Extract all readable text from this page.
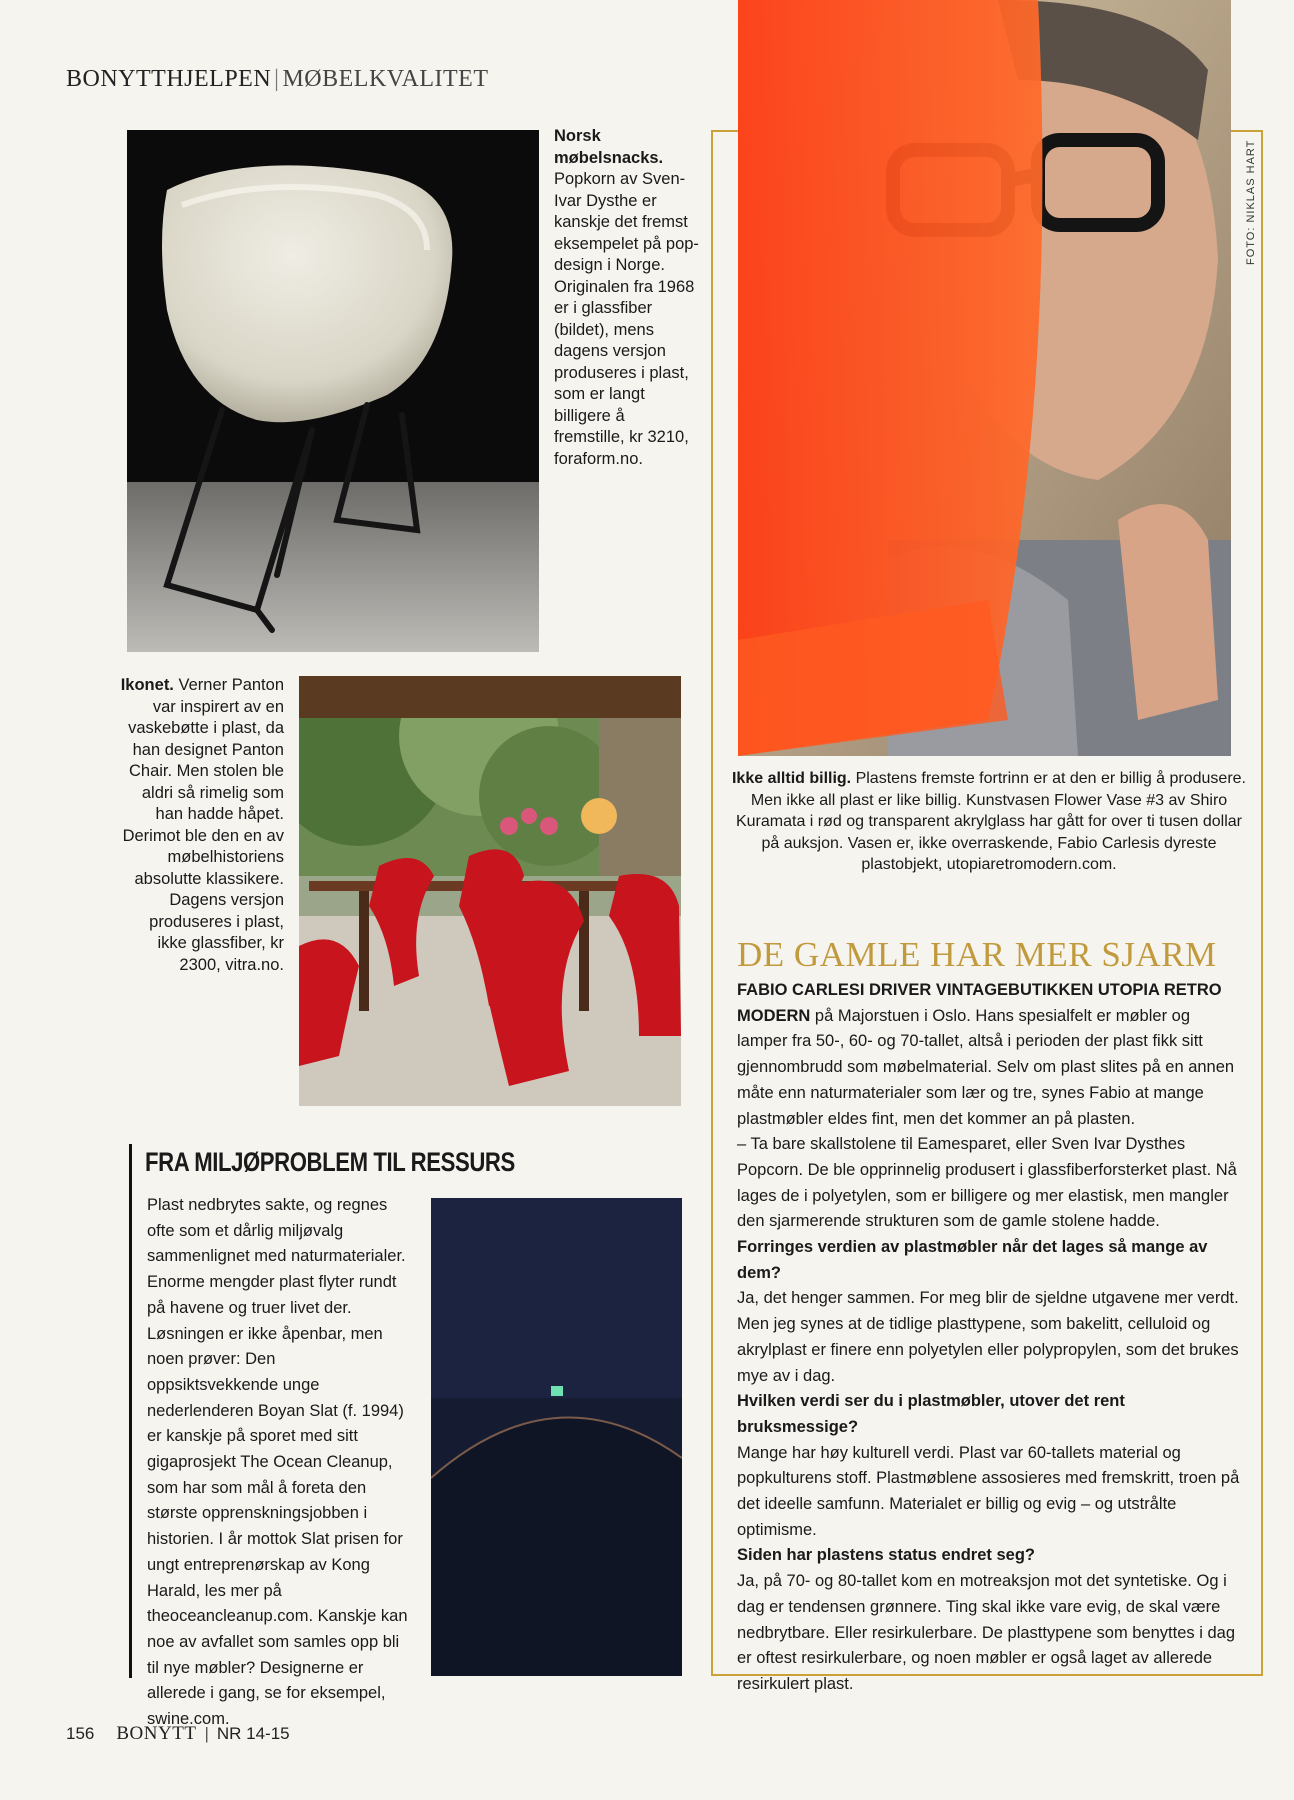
BONYTTHJELPEN | MØBELKVALITET
Norsk møbelsnacks. Popkorn av Sven-Ivar Dysthe er kanskje det fremst eksempelet på pop-design i Norge. Originalen fra 1968 er i glassfiber (bildet), mens dagens versjon produseres i plast, som er langt billigere å fremstille, kr 3210, foraform.no.
Ikonet. Verner Panton var inspirert av en vaskebøtte i plast, da han designet Panton Chair. Men stolen ble aldri så rimelig som han hadde håpet. Derimot ble den en av møbelhistoriens absolutte klassikere. Dagens versjon produseres i plast, ikke glassfiber, kr 2300, vitra.no.
FOTO: NIKLAS HART
Ikke alltid billig. Plastens fremste fortrinn er at den er billig å produsere. Men ikke all plast er like billig. Kunstvasen Flower Vase #3 av Shiro Kuramata i rød og transparent akrylglass har gått for over ti tusen dollar på auksjon. Vasen er, ikke overraskende, Fabio Carlesis dyreste plastobjekt, utopiaretromodern.com.
DE GAMLE HAR MER SJARM

FABIO CARLESI DRIVER VINTAGEBUTIKKEN UTOPIA RETRO MODERN på Majorstuen i Oslo. Hans spesialfelt er møbler og lamper fra 50-, 60- og 70-tallet, altså i perioden der plast fikk sitt gjennombrudd som møbelmaterial. Selv om plast slites på en annen måte enn naturmaterialer som lær og tre, synes Fabio at mange plastmøbler eldes fint, men det kommer an på plasten.

– Ta bare skallstolene til Eamesparet, eller Sven Ivar Dysthes Popcorn. De ble opprinnelig produsert i glassfiberforsterket plast. Nå lages de i polyetylen, som er billigere og mer elastisk, men mangler den sjarmerende strukturen som de gamle stolene hadde.

Forringes verdien av plastmøbler når det lages så mange av dem?

Ja, det henger sammen. For meg blir de sjeldne utgavene mer verdt. Men jeg synes at de tidlige plasttypene, som bakelitt, celluloid og akrylplast er finere enn polyetylen eller polypropylen, som det brukes mye av i dag.

Hvilken verdi ser du i plastmøbler, utover det rent bruksmessige?

Mange har høy kulturell verdi. Plast var 60-tallets material og popkulturens stoff. Plastmøblene assosieres med fremskritt, troen på det ideelle samfunn. Materialet er billig og evig – og utstrålte optimisme.

Siden har plastens status endret seg?

Ja, på 70- og 80-tallet kom en motreaksjon mot det syntetiske. Og i dag er tendensen grønnere. Ting skal ikke vare evig, de skal være nedbrytbare. Eller resirkulerbare. De plasttypene som benyttes i dag er oftest resirkulerbare, og noen møbler er også laget av allerede resirkulert plast.

FRA MILJØPROBLEM TIL RESSURS
Plast nedbrytes sakte, og regnes ofte som et dårlig miljøvalg sammenlignet med naturmaterialer. Enorme mengder plast flyter rundt på havene og truer livet der. Løsningen er ikke åpenbar, men noen prøver: Den oppsiktsvekkende unge nederlenderen Boyan Slat (f. 1994) er kanskje på sporet med sitt gigaprosjekt The Ocean Cleanup, som har som mål å foreta den største opprenskningsjobben i historien. I år mottok Slat prisen for ungt entreprenørskap av Kong Harald, les mer på theoceancleanup.com. Kanskje kan noe av avfallet som samles opp bli til nye møbler? Designerne er allerede i gang, se for eksempel, swine.com.
156 BONYTT | NR 14-15
